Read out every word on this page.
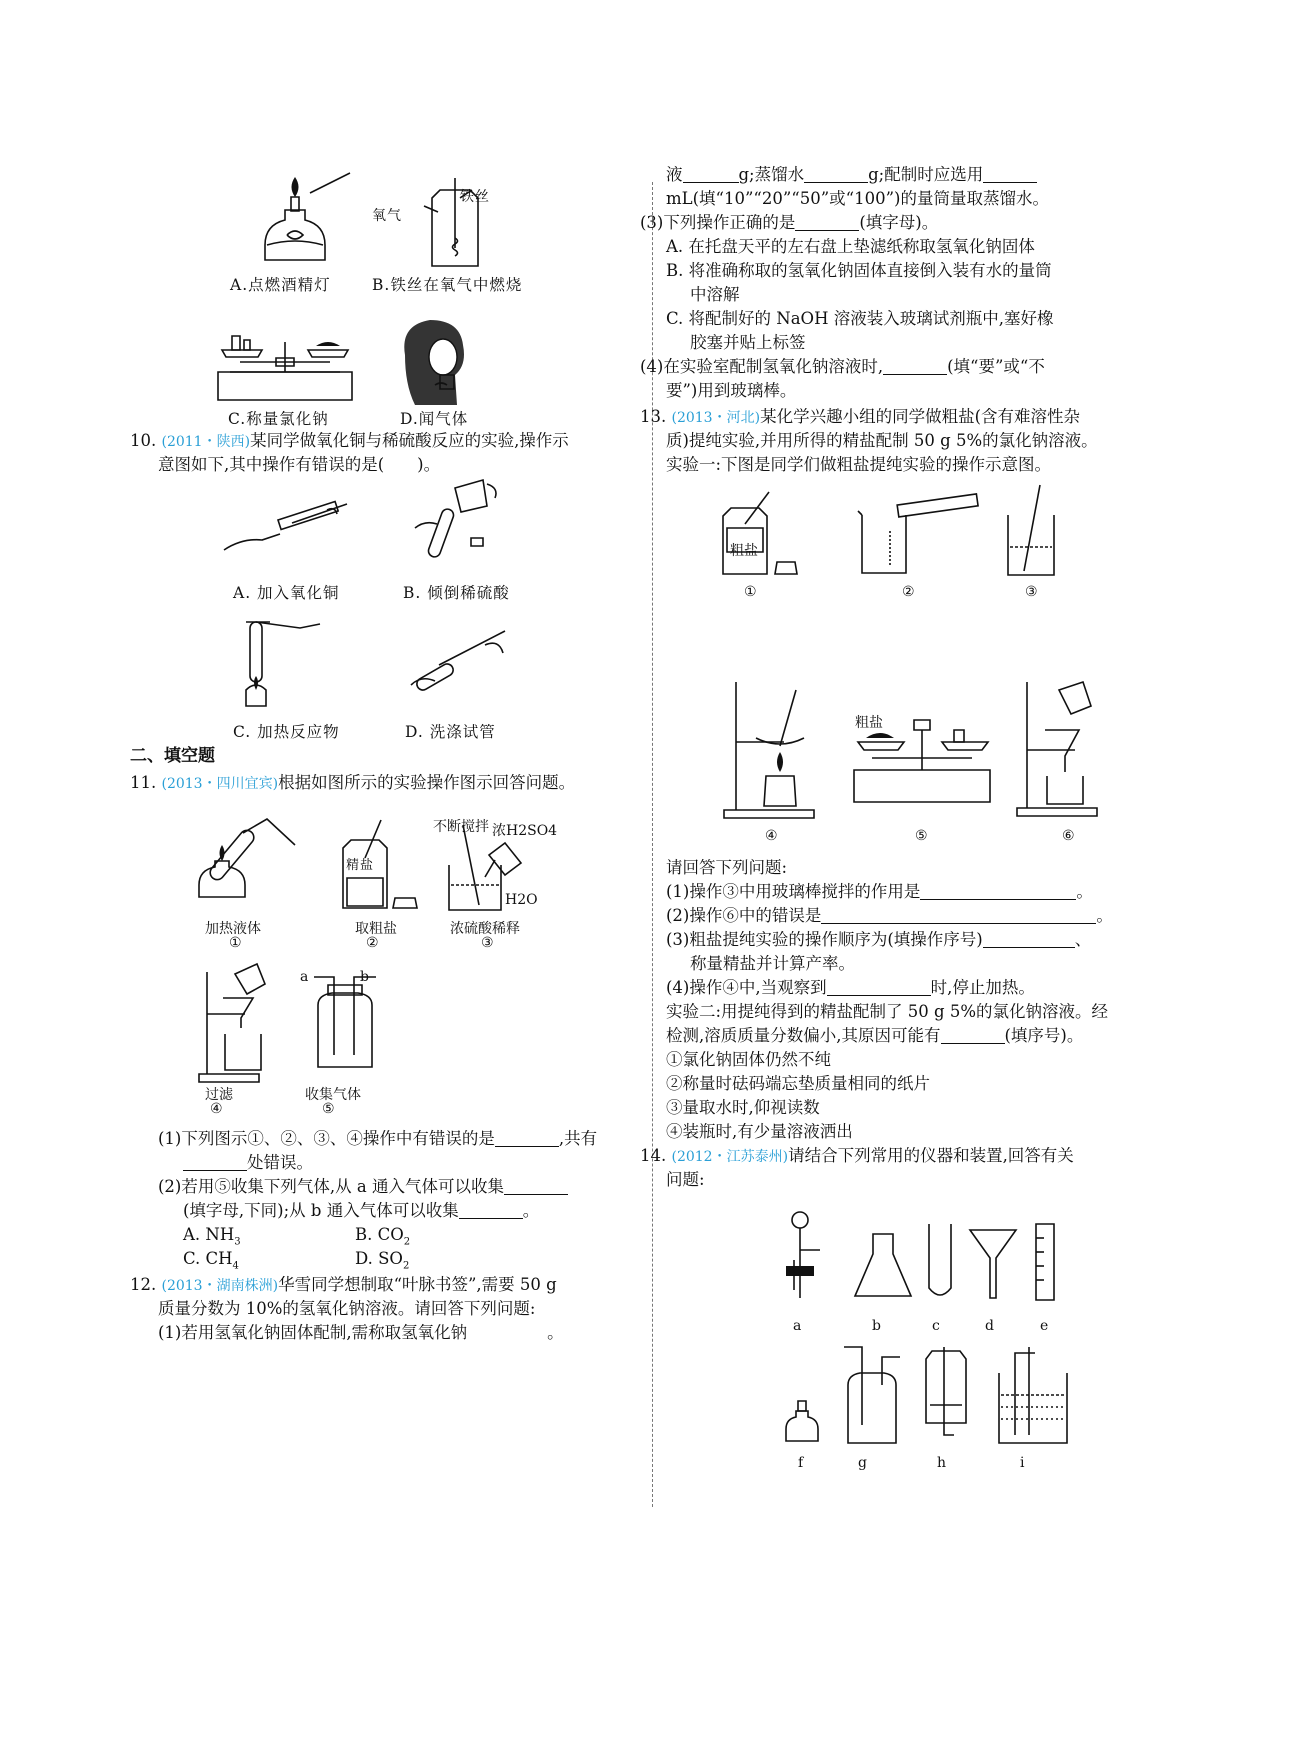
氧气
铁丝
A.点燃酒精灯	B.铁丝在氧气中燃烧
C.称量氯化钠	D.闻气体
10. (2011・陕西)某同学做氧化铜与稀硫酸反应的实验,操作示
意图如下,其中操作有错误的是(　　)。
A. 加入氧化铜	B. 倾倒稀硫酸
C. 加热反应物	D. 洗涤试管
二、填空题
11. (2013・四川宜宾)根据如图所示的实验操作图示回答问题。
精盐
不断搅拌 浓H2SO4
H2O
加热液体
①
取粗盐
②
浓硫酸稀释
③
a	b
过滤
④
收集气体
⑤
(1)下列图示①、②、③、④操作中有错误的是	,共有
处错误。
(2)若用⑤收集下列气体,从 a 通入气体可以收集
(填字母,下同);从 b 通入气体可以收集	。
A. $NH_3$	B. $CO_2$
C. $CH_4$	D. $SO_2$
12. (2013・湖南株洲)华雪同学想制取“叶脉书签”,需要 50 g
质量分数为 10%的氢氧化钠溶液。请回答下列问题:
(1)若用氢氧化钠固体配制,需称取氢氧化钠	。
液	g;蒸馏水	g;配制时应选用
mL(填“10”“20”“50”或“100”)的量筒量取蒸馏水。
(3)下列操作正确的是	(填字母)。
A. 在托盘天平的左右盘上垫滤纸称取氢氧化钠固体
B. 将准确称取的氢氧化钠固体直接倒入装有水的量筒
中溶解
C. 将配制好的 NaOH 溶液装入玻璃试剂瓶中,塞好橡
胶塞并贴上标签
(4)在实验室配制氢氧化钠溶液时,	(填“要”或“不
要”)用到玻璃棒。
13. (2013・河北)某化学兴趣小组的同学做粗盐(含有难溶性杂
质)提纯实验,并用所得的精盐配制 50 g 5%的氯化钠溶液。
实验一:下图是同学们做粗盐提纯实验的操作示意图。
粗盐
①	②	③
粗盐
④	⑤	⑥
请回答下列问题:
(1)操作③中用玻璃棒搅拌的作用是	。
(2)操作⑥中的错误是	。
(3)粗盐提纯实验的操作顺序为(填操作序号)	、
称量精盐并计算产率。
(4)操作④中,当观察到	时,停止加热。
实验二:用提纯得到的精盐配制了 50 g 5%的氯化钠溶液。经
检测,溶质质量分数偏小,其原因可能有	(填序号)。
①氯化钠固体仍然不纯
②称量时砝码端忘垫质量相同的纸片
③量取水时,仰视读数
④装瓶时,有少量溶液洒出
14. (2012・江苏泰州)请结合下列常用的仪器和装置,回答有关
问题:
a	b	c	d	e
f	g	h	i
